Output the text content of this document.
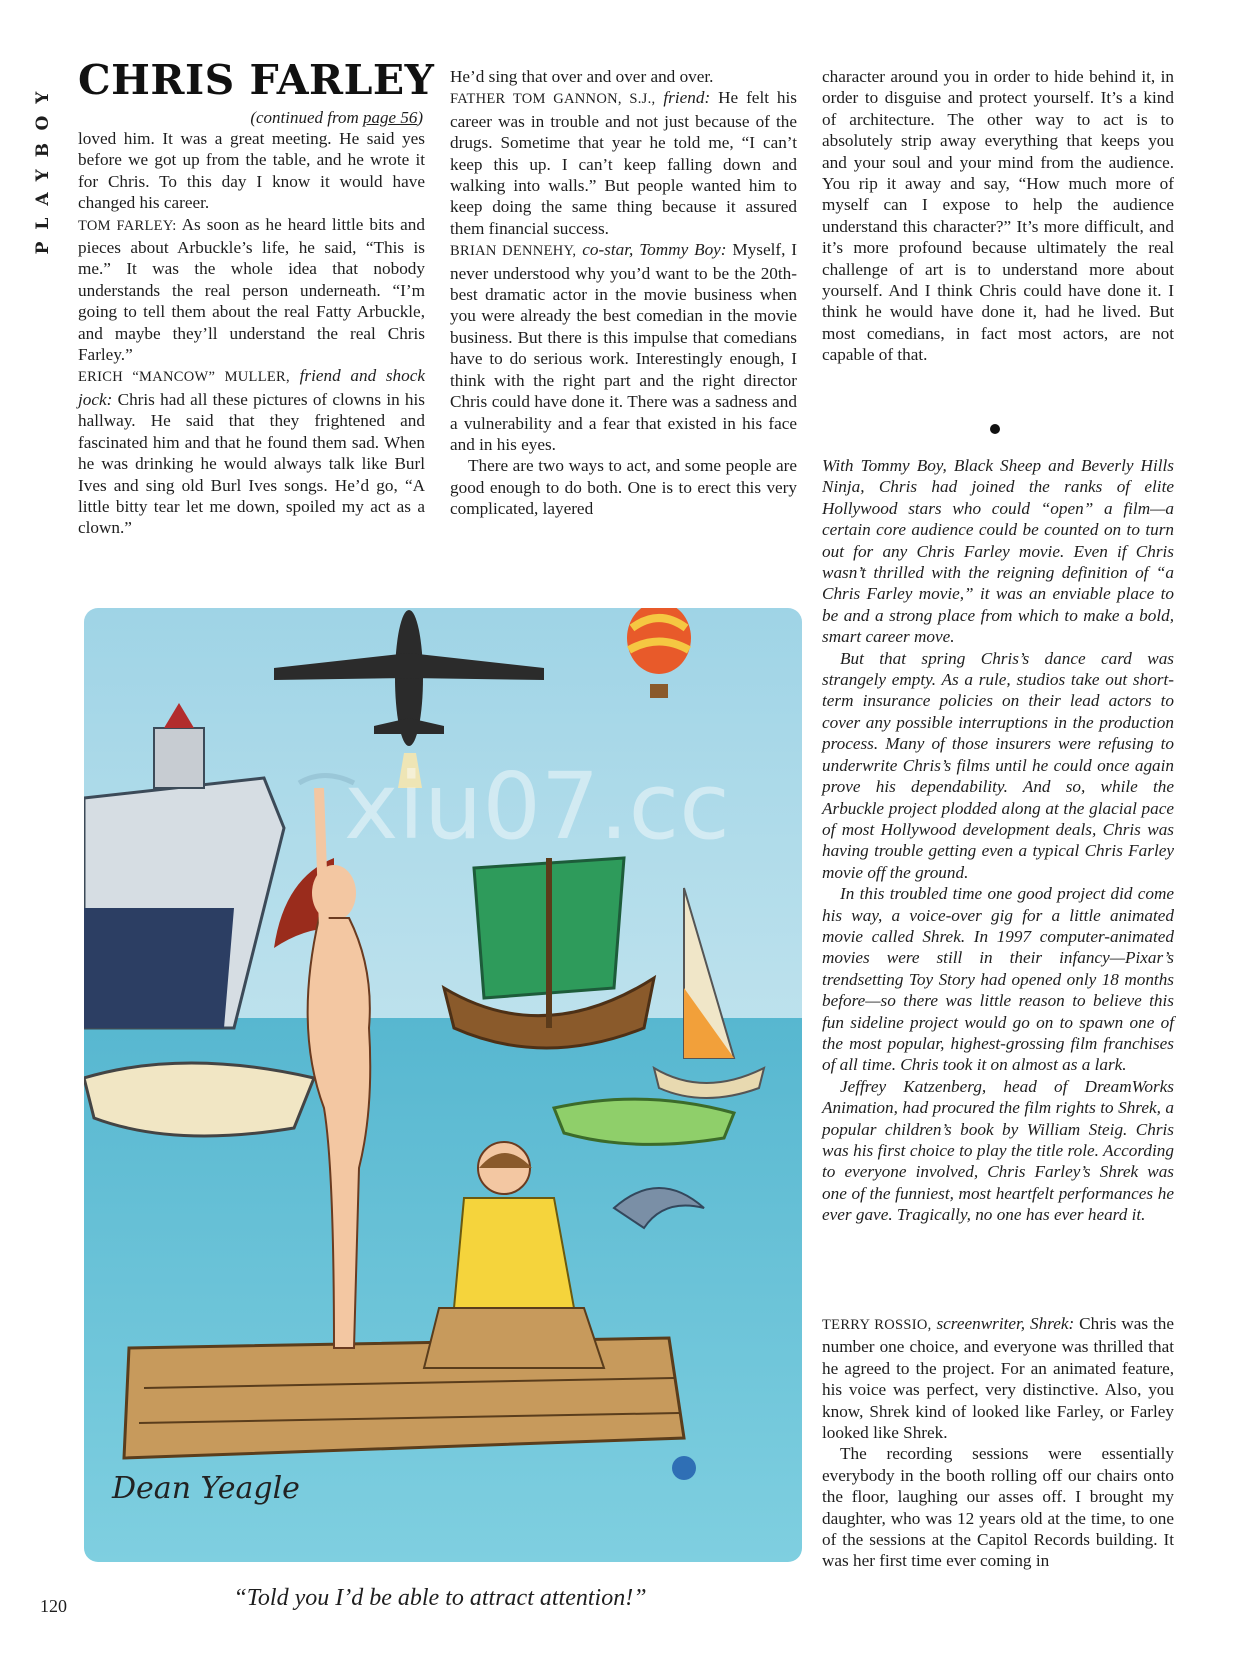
PLAYBOY CHRIS FARLEY
(continued from page 56)

loved him. It was a great meeting. He said yes before we got up from the table, and he wrote it for Chris. To this day I know it would have changed his career.

TOM FARLEY: As soon as he heard little bits and pieces about Arbuckle’s life, he said, “This is me.” It was the whole idea that nobody understands the real person underneath. “I’m going to tell them about the real Fatty Arbuckle, and maybe they’ll understand the real Chris Farley.”

ERICH “MANCOW” MULLER, friend and shock jock: Chris had all these pictures of clowns in his hallway. He said that they frightened and fascinated him and that he found them sad. When he was drinking he would always talk like Burl Ives and sing old Burl Ives songs. He’d go, “A little bitty tear let me down, spoiled my act as a clown.”

He’d sing that over and over and over.

FATHER TOM GANNON, S.J., friend: He felt his career was in trouble and not just because of the drugs. Sometime that year he told me, “I can’t keep this up. I can’t keep falling down and walking into walls.” But people wanted him to keep doing the same thing because it assured them financial success.

BRIAN DENNEHY, co-star, Tommy Boy: Myself, I never understood why you’d want to be the 20th-best dramatic actor in the movie business when you were already the best comedian in the movie business. But there is this impulse that comedians have to do serious work. Interestingly enough, I think with the right part and the right director Chris could have done it. There was a sadness and a vulnerability and a fear that existed in his face and in his eyes.

There are two ways to act, and some people are good enough to do both. One is to erect this very complicated, layered

character around you in order to hide behind it, in order to disguise and protect yourself. It’s a kind of architecture. The other way to act is to absolutely strip away everything that keeps you and your soul and your mind from the audience. You rip it away and say, “How much more of myself can I expose to help the audience understand this character?” It’s more difficult, and it’s more profound because ultimately the real challenge of art is to understand more about yourself. And I think Chris could have done it. I think he would have done it, had he lived. But most comedians, in fact most actors, are not capable of that.

With Tommy Boy, Black Sheep and Beverly Hills Ninja, Chris had joined the ranks of elite Hollywood stars who could “open” a film—a certain core audience could be counted on to turn out for any Chris Farley movie. Even if Chris wasn’t thrilled with the reigning definition of “a Chris Farley movie,” it was an enviable place to be and a strong place from which to make a bold, smart career move.

But that spring Chris’s dance card was strangely empty. As a rule, studios take out short-term insurance policies on their lead actors to cover any possible interruptions in the production process. Many of those insurers were refusing to underwrite Chris’s films until he could once again prove his dependability. And so, while the Arbuckle project plodded along at the glacial pace of most Hollywood development deals, Chris was having trouble getting even a typical Chris Farley movie off the ground.

In this troubled time one good project did come his way, a voice-over gig for a little animated movie called Shrek. In 1997 computer-animated movies were still in their infancy—Pixar’s trendsetting Toy Story had opened only 18 months before—so there was little reason to believe this fun sideline project would go on to spawn one of the most popular, highest-grossing film franchises of all time. Chris took it on almost as a lark.

Jeffrey Katzenberg, head of DreamWorks Animation, had procured the film rights to Shrek, a popular children’s book by William Steig. Chris was his first choice to play the title role. According to everyone involved, Chris Farley’s Shrek was one of the funniest, most heartfelt performances he ever gave. Tragically, no one has ever heard it.

TERRY ROSSIO, screenwriter, Shrek: Chris was the number one choice, and everyone was thrilled that he agreed to the project. For an animated feature, his voice was perfect, very distinctive. Also, you know, Shrek kind of looked like Farley, or Farley looked like Shrek.

The recording sessions were essentially everybody in the booth rolling off our chairs onto the floor, laughing our asses off. I brought my daughter, who was 12 years old at the time, to one of the sessions at the Capitol Records building. It was her first time ever coming in

Dean Yeagle
xiu07.cc
“Told you I’d be able to attract attention!”
120
